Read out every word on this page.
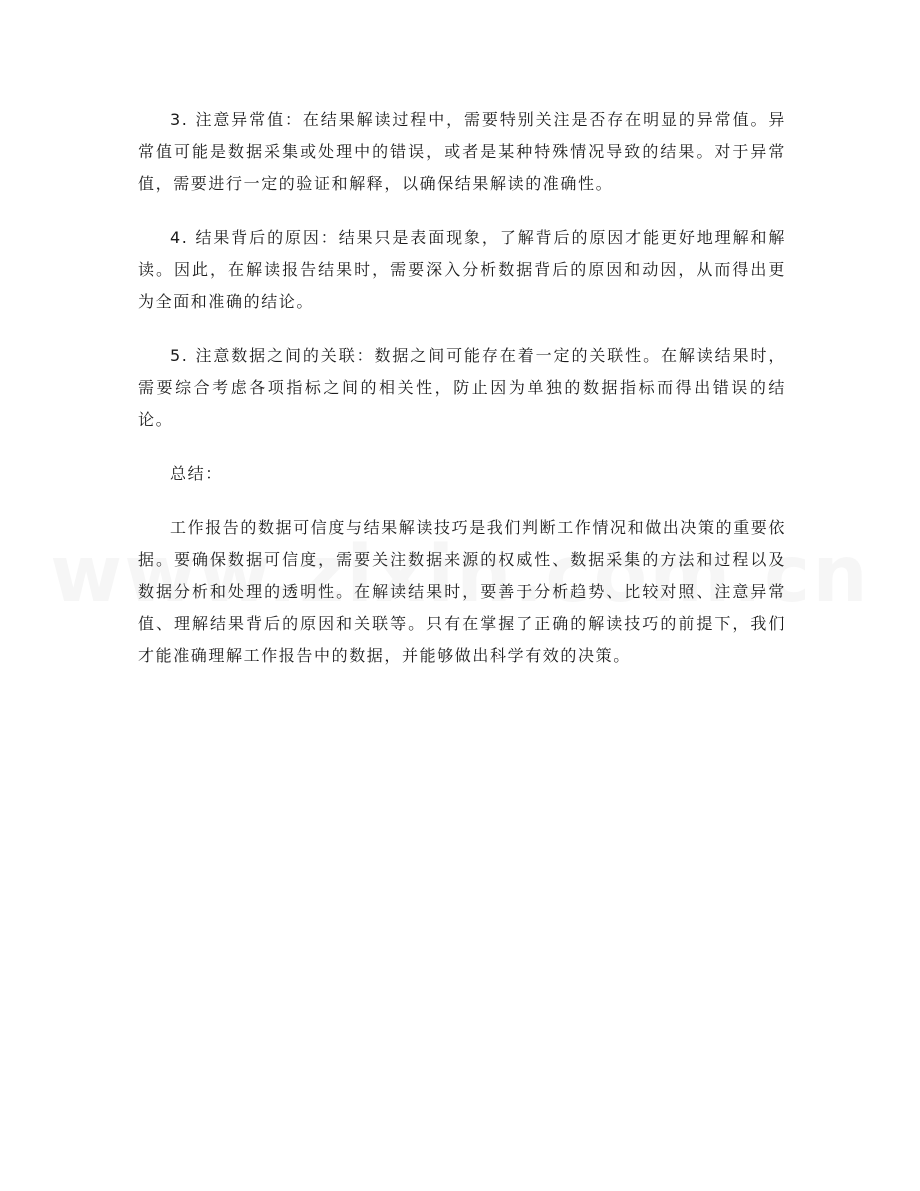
3. 注意异常值：在结果解读过程中，需要特别关注是否存在明显的异常值。异常值可能是数据采集或处理中的错误，或者是某种特殊情况导致的结果。对于异常值，需要进行一定的验证和解释，以确保结果解读的准确性。

4. 结果背后的原因：结果只是表面现象，了解背后的原因才能更好地理解和解读。因此，在解读报告结果时，需要深入分析数据背后的原因和动因，从而得出更为全面和准确的结论。

5. 注意数据之间的关联：数据之间可能存在着一定的关联性。在解读结果时，需要综合考虑各项指标之间的相关性，防止因为单独的数据指标而得出错误的结论。

总结：

工作报告的数据可信度与结果解读技巧是我们判断工作情况和做出决策的重要依据。要确保数据可信度，需要关注数据来源的权威性、数据采集的方法和过程以及数据分析和处理的透明性。在解读结果时，要善于分析趋势、比较对照、注意异常值、理解结果背后的原因和关联等。只有在掌握了正确的解读技巧的前提下，我们才能准确理解工作报告中的数据，并能够做出科学有效的决策。
